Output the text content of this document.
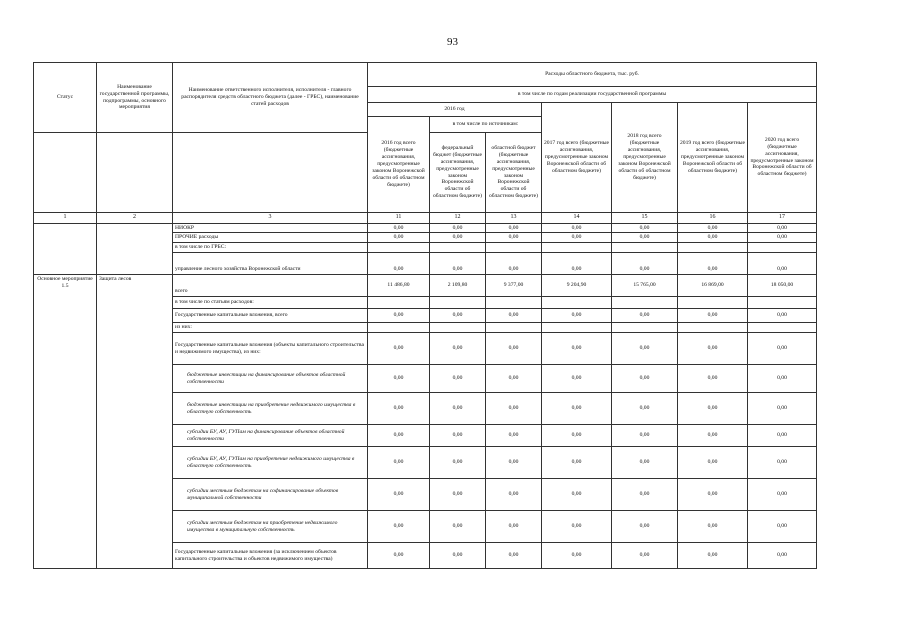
93
Статус	Наименование государственной программы, подпрограммы, основного мероприятия	Наименование ответственного исполнителя, исполнителя - главного распорядителя средств областного бюджета (далее - ГРБС), наименование статей расходов	Расходы областного бюджета, тыс. руб.						
			в том числе по годам реализации государственной программы						
			2016 год			2017 год всего (бюджетные ассигнования, предусмотренные законом Воронежской области об областном бюджете)	2018 год всего (бюджетные ассигнования, предусмотренные законом Воронежской области об областном бюджете)	2019 год всего (бюджетные ассигнования, предусмотренные законом Воронежской области об областном бюджете)	2020 год всего (бюджетные ассигнования, предусмотренные законом Воронежской области об областном бюджете)
			2016 год всего (бюджетные ассигнования, предусмотренные законом Воронежской области об областном бюджете)	в том числе по источникам:					
				федеральный бюджет (бюджетные ассигнования, предусмотренные законом Воронежской области об областном бюджете)	областной бюджет (бюджетные ассигнования, предусмотренные законом Воронежской области об областном бюджете)				
1	2	3	11	12	13	14	15	16	17
		НИОКР	0,00	0,00	0,00	0,00	0,00	0,00	0,00
		ПРОЧИЕ расходы	0,00	0,00	0,00	0,00	0,00	0,00	0,00
		в том числе по ГРБС:							
		управление лесного хозяйства Воронежской области	0,00	0,00	0,00	0,00	0,00	0,00	0,00
Основное мероприятие 1.5	Защита лесов	всего	11 486,80	2 109,80	9 377,00	9 204,90	15 765,00	16 869,00	18 050,00
		в том числе по статьям расходов:							
		Государственные капитальные вложения, всего	0,00	0,00	0,00	0,00	0,00	0,00	0,00
		из них:							
		Государственные капитальные вложения (объекты капитального строительства и недвижимого имущества), из них:	0,00	0,00	0,00	0,00	0,00	0,00	0,00
		бюджетные инвестиции на финансирование объектов областной собственности	0,00	0,00	0,00	0,00	0,00	0,00	0,00
		бюджетные инвестиции на приобретение недвижимого имущества в областную собственность	0,00	0,00	0,00	0,00	0,00	0,00	0,00
		субсидии БУ, АУ, ГУПам на финансирование объектов областной собственности	0,00	0,00	0,00	0,00	0,00	0,00	0,00
		субсидии БУ, АУ, ГУПам на приобретение недвижимого имущества в областную собственность	0,00	0,00	0,00	0,00	0,00	0,00	0,00
		субсидии местным бюджетам на софинансирование объектов муниципальной собственности	0,00	0,00	0,00	0,00	0,00	0,00	0,00
		субсидии местным бюджетам на приобретение недвижимого имущества в муниципальную собственность	0,00	0,00	0,00	0,00	0,00	0,00	0,00
		Государственные капитальные вложения (за исключением объектов капитального строительства и объектов недвижимого имущества)	0,00	0,00	0,00	0,00	0,00	0,00	0,00
